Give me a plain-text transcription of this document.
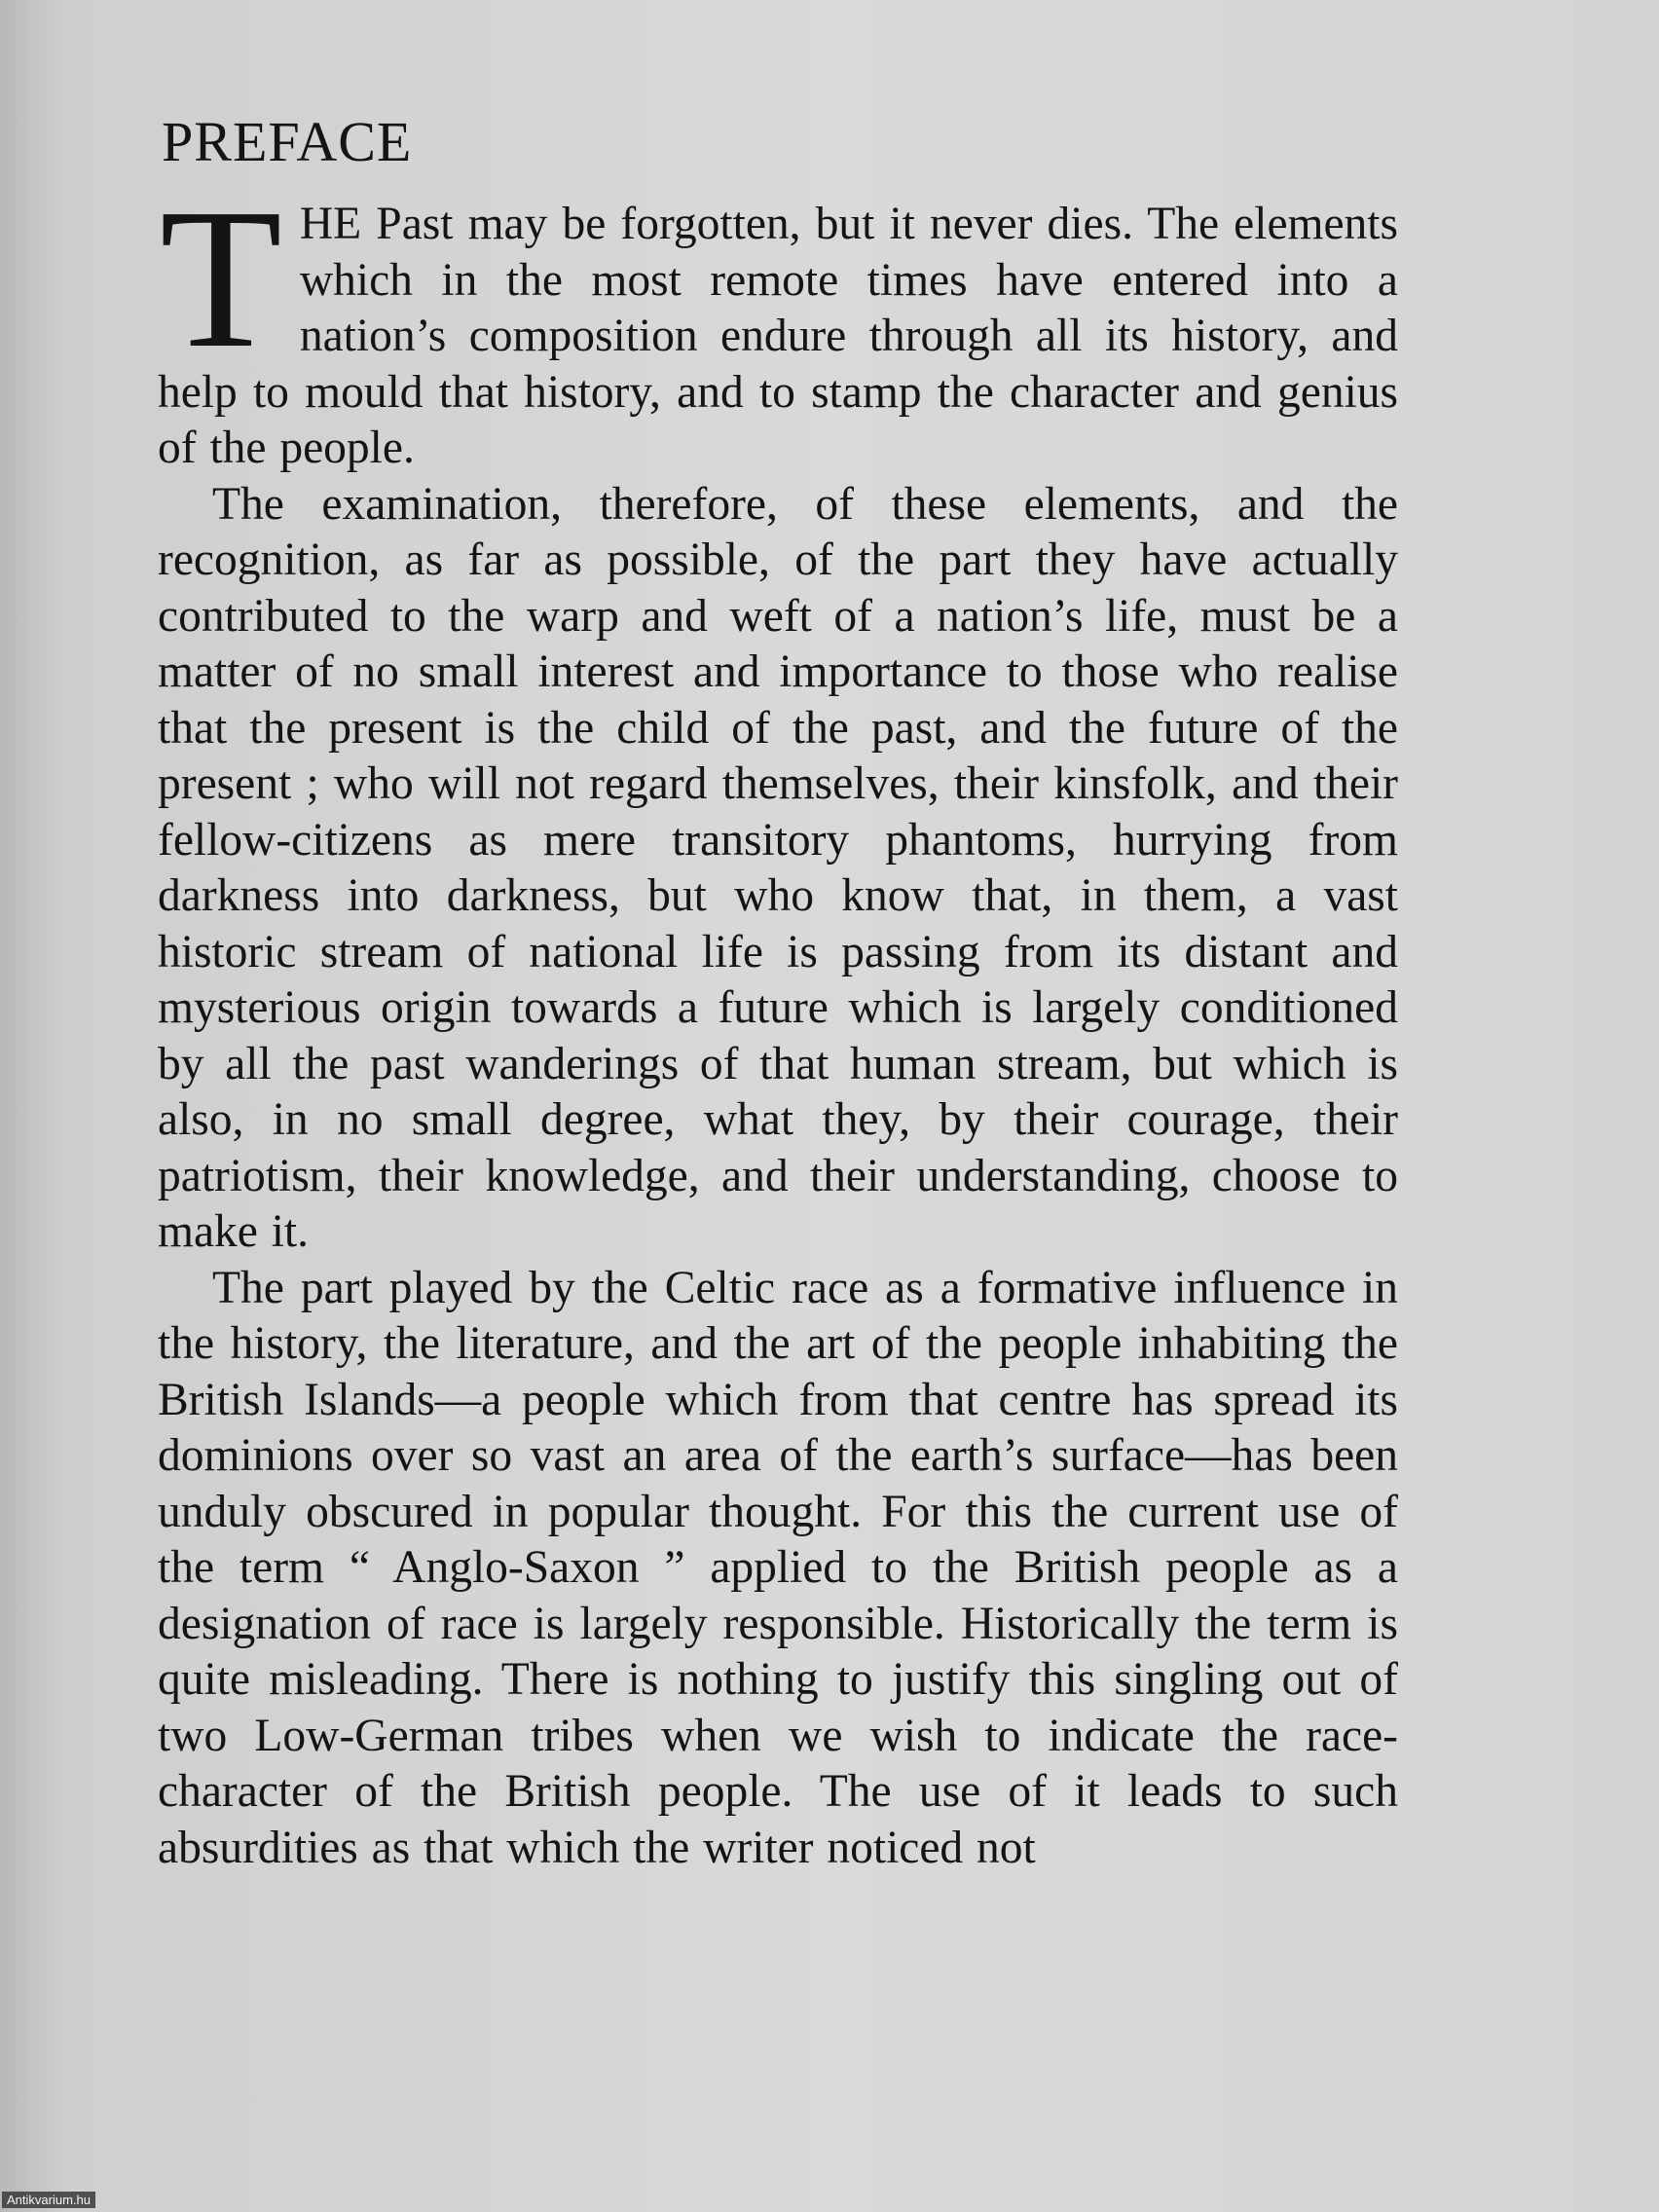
PREFACE

THE Past may be forgotten, but it never dies. The elements which in the most remote times have entered into a nation’s composition endure through all its history, and help to mould that history, and to stamp the character and genius of the people.

The examination, therefore, of these elements, and the recognition, as far as possible, of the part they have actually contributed to the warp and weft of a nation’s life, must be a matter of no small interest and importance to those who realise that the present is the child of the past, and the future of the present ; who will not regard themselves, their kinsfolk, and their fellow-citizens as mere transitory phantoms, hurrying from darkness into darkness, but who know that, in them, a vast historic stream of national life is passing from its distant and mysterious origin towards a future which is largely conditioned by all the past wanderings of that human stream, but which is also, in no small degree, what they, by their courage, their patriotism, their knowledge, and their understanding, choose to make it.

The part played by the Celtic race as a formative influence in the history, the literature, and the art of the people inhabiting the British Islands—a people which from that centre has spread its dominions over so vast an area of the earth’s surface—has been unduly obscured in popular thought. For this the current use of the term “ Anglo-Saxon ” applied to the British people as a designation of race is largely responsible. Historically the term is quite misleading. There is nothing to justify this singling out of two Low-German tribes when we wish to indicate the race-character of the British people. The use of it leads to such absurdities as that which the writer noticed not

Antikvarium.hu
